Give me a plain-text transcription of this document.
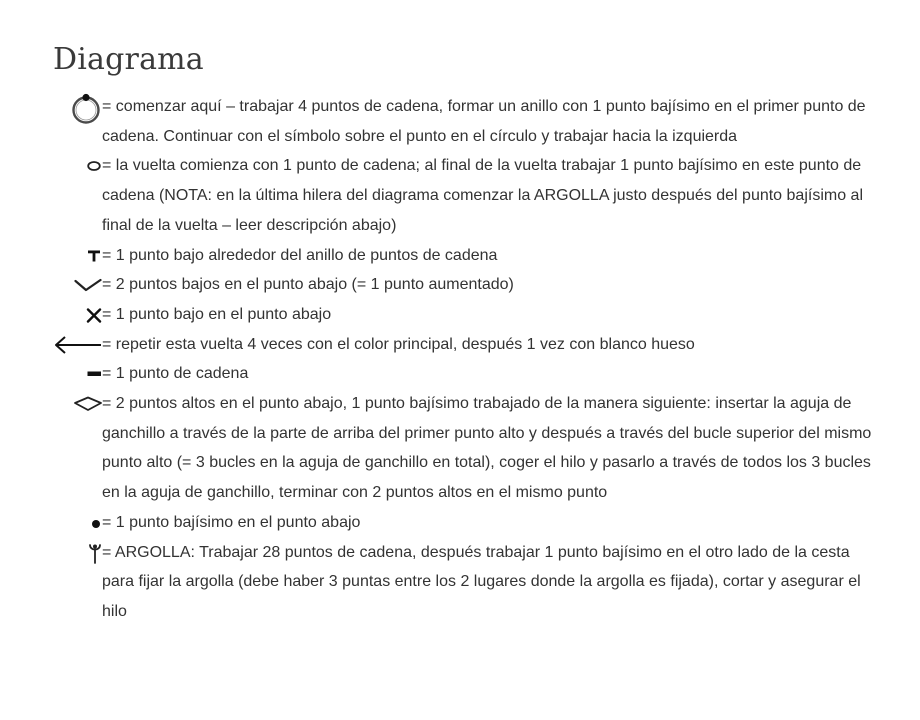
Diagrama
= comenzar aquí – trabajar 4 puntos de cadena, formar un anillo con 1 punto bajísimo en el primer punto de cadena. Continuar con el símbolo sobre el punto en el círculo y trabajar hacia la izquierda
= la vuelta comienza con 1 punto de cadena; al final de la vuelta trabajar 1 punto bajísimo en este punto de cadena (NOTA: en la última hilera del diagrama comenzar la ARGOLLA justo después del punto bajísimo al final de la vuelta – leer descripción abajo)
= 1 punto bajo alrededor del anillo de puntos de cadena
= 2 puntos bajos en el punto abajo (= 1 punto aumentado)
= 1 punto bajo en el punto abajo
= repetir esta vuelta 4 veces con el color principal, después 1 vez con blanco hueso
= 1 punto de cadena
= 2 puntos altos en el punto abajo, 1 punto bajísimo trabajado de la manera siguiente: insertar la aguja de ganchillo a través de la parte de arriba del primer punto alto y después a través del bucle superior del mismo punto alto (= 3 bucles en la aguja de ganchillo en total), coger el hilo y pasarlo a través de todos los 3 bucles en la aguja de ganchillo, terminar con 2 puntos altos en el mismo punto
= 1 punto bajísimo en el punto abajo
= ARGOLLA: Trabajar 28 puntos de cadena, después trabajar 1 punto bajísimo en el otro lado de la cesta para fijar la argolla (debe haber 3 puntas entre los 2 lugares donde la argolla es fijada), cortar y asegurar el hilo
